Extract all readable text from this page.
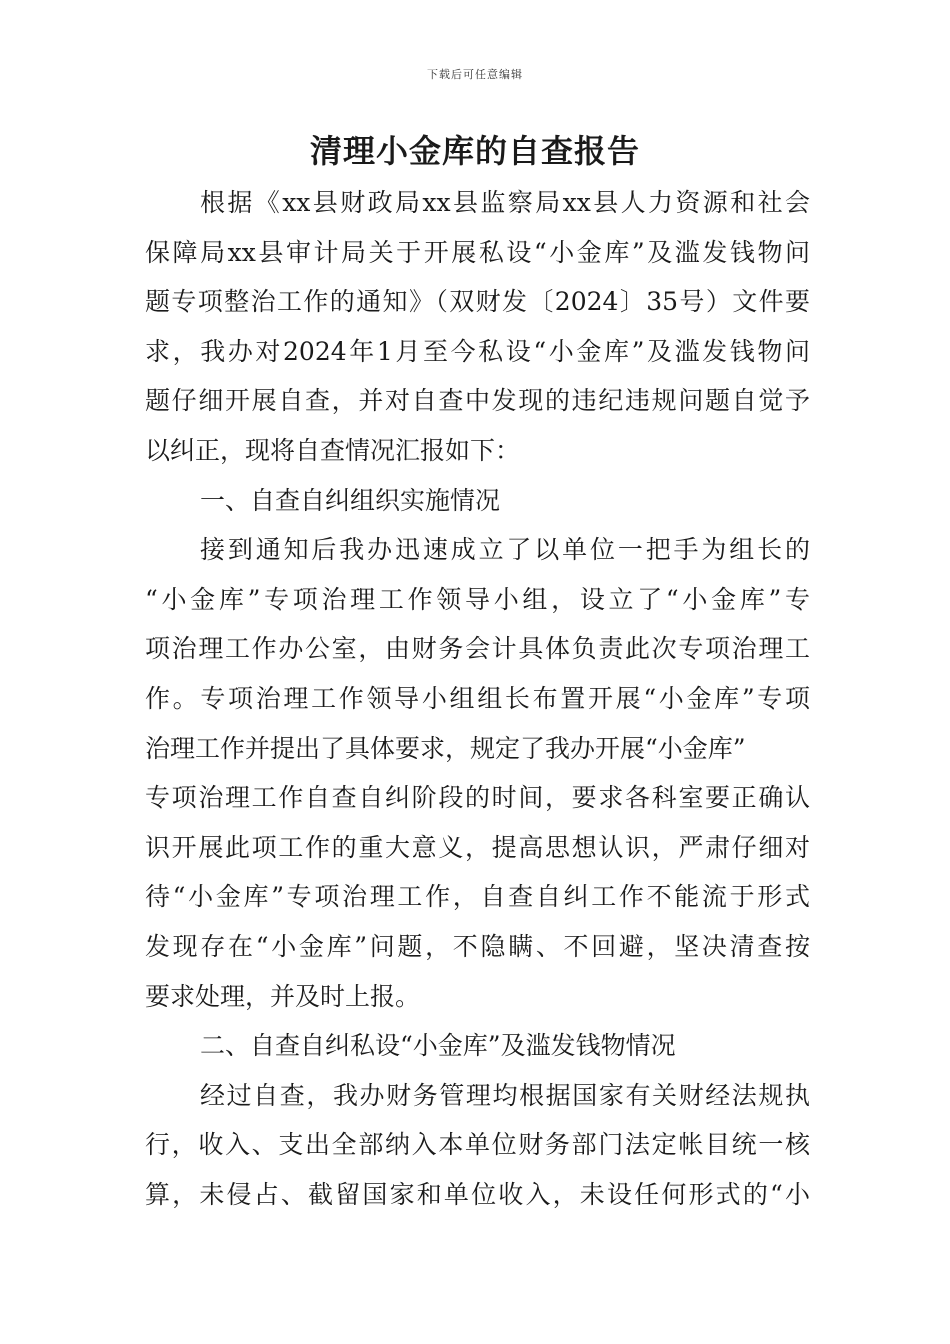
下载后可任意编辑
清理小金库的自查报告
根据《xx县财政局xx县监察局xx县人力资源和社会
保障局xx县审计局关于开展私设“小金库”及滥发钱物问
题专项整治工作的通知》（双财发〔2024〕35号）文件要
求，我办对2024年1月至今私设“小金库”及滥发钱物问
题仔细开展自查，并对自查中发现的违纪违规问题自觉予
以纠正，现将自查情况汇报如下：
一、自查自纠组织实施情况
接到通知后我办迅速成立了以单位一把手为组长的
“小金库”专项治理工作领导小组，设立了“小金库”专
项治理工作办公室，由财务会计具体负责此次专项治理工
作。专项治理工作领导小组组长布置开展“小金库”专项
治理工作并提出了具体要求，规定了我办开展“小金库”
专项治理工作自查自纠阶段的时间，要求各科室要正确认
识开展此项工作的重大意义，提高思想认识，严肃仔细对
待“小金库”专项治理工作，自查自纠工作不能流于形式
发现存在“小金库”问题，不隐瞒、不回避，坚决清查按
要求处理，并及时上报。
二、自查自纠私设“小金库”及滥发钱物情况
经过自查，我办财务管理均根据国家有关财经法规执
行，收入、支出全部纳入本单位财务部门法定帐目统一核
算，未侵占、截留国家和单位收入，未设任何形式的“小
